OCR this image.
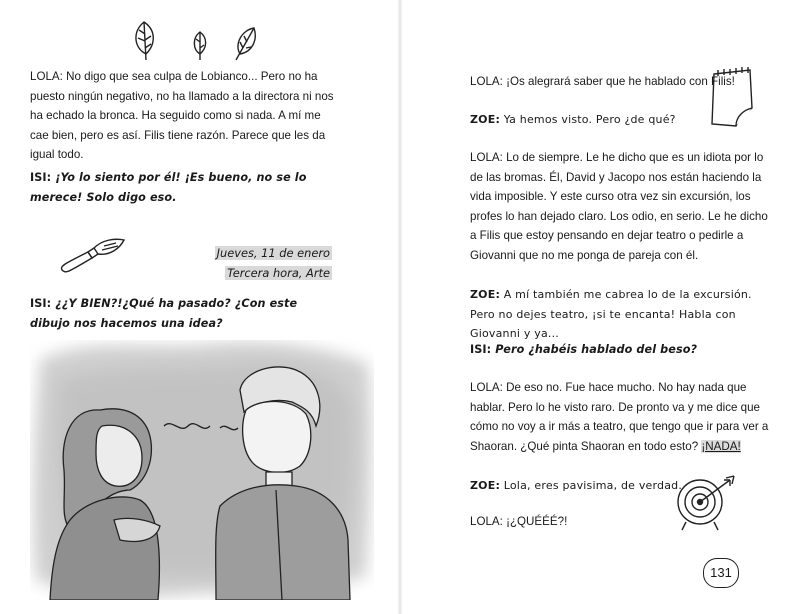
LOLA: No digo que sea culpa de Lobianco... Pero no ha puesto ningún negativo, no ha llamado a la directora ni nos ha echado la bronca. Ha seguido como si nada. A mí me cae bien, pero es así. Filis tiene razón. Parece que les da igual todo.

ISI: ¡Yo lo siento por él! ¡Es bueno, no se lo merece! Solo digo eso.

Jueves, 11 de enero
Tercera hora, Arte

ISI: ¿¿Y BIEN?!¿Qué ha pasado? ¿Con este dibujo nos hacemos una idea?

LOLA: ¡Os alegrará saber que he hablado con Filis!

ZOE: Ya hemos visto. Pero ¿de qué?

LOLA: Lo de siempre. Le he dicho que es un idiota por lo de las bromas. Él, David y Jacopo nos están haciendo la vida imposible. Y este curso otra vez sin excursión, los profes lo han dejado claro. Los odio, en serio. Le he dicho a Filis que estoy pensando en dejar teatro o pedirle a Giovanni que no me ponga de pareja con él.

ZOE: A mí también me cabrea lo de la excursión. Pero no dejes teatro, ¡si te encanta! Habla con Giovanni y ya...

ISI: Pero ¿habéis hablado del beso?

LOLA: De eso no. Fue hace mucho. No hay nada que hablar. Pero lo he visto raro. De pronto va y me dice que cómo no voy a ir más a teatro, que tengo que ir para ver a Shaoran. ¿Qué pinta Shaoran en todo esto? ¡NADA!

ZOE: Lola, eres pavisima, de verdad.

LOLA: ¡¿QUÉÉÉ?!

131
